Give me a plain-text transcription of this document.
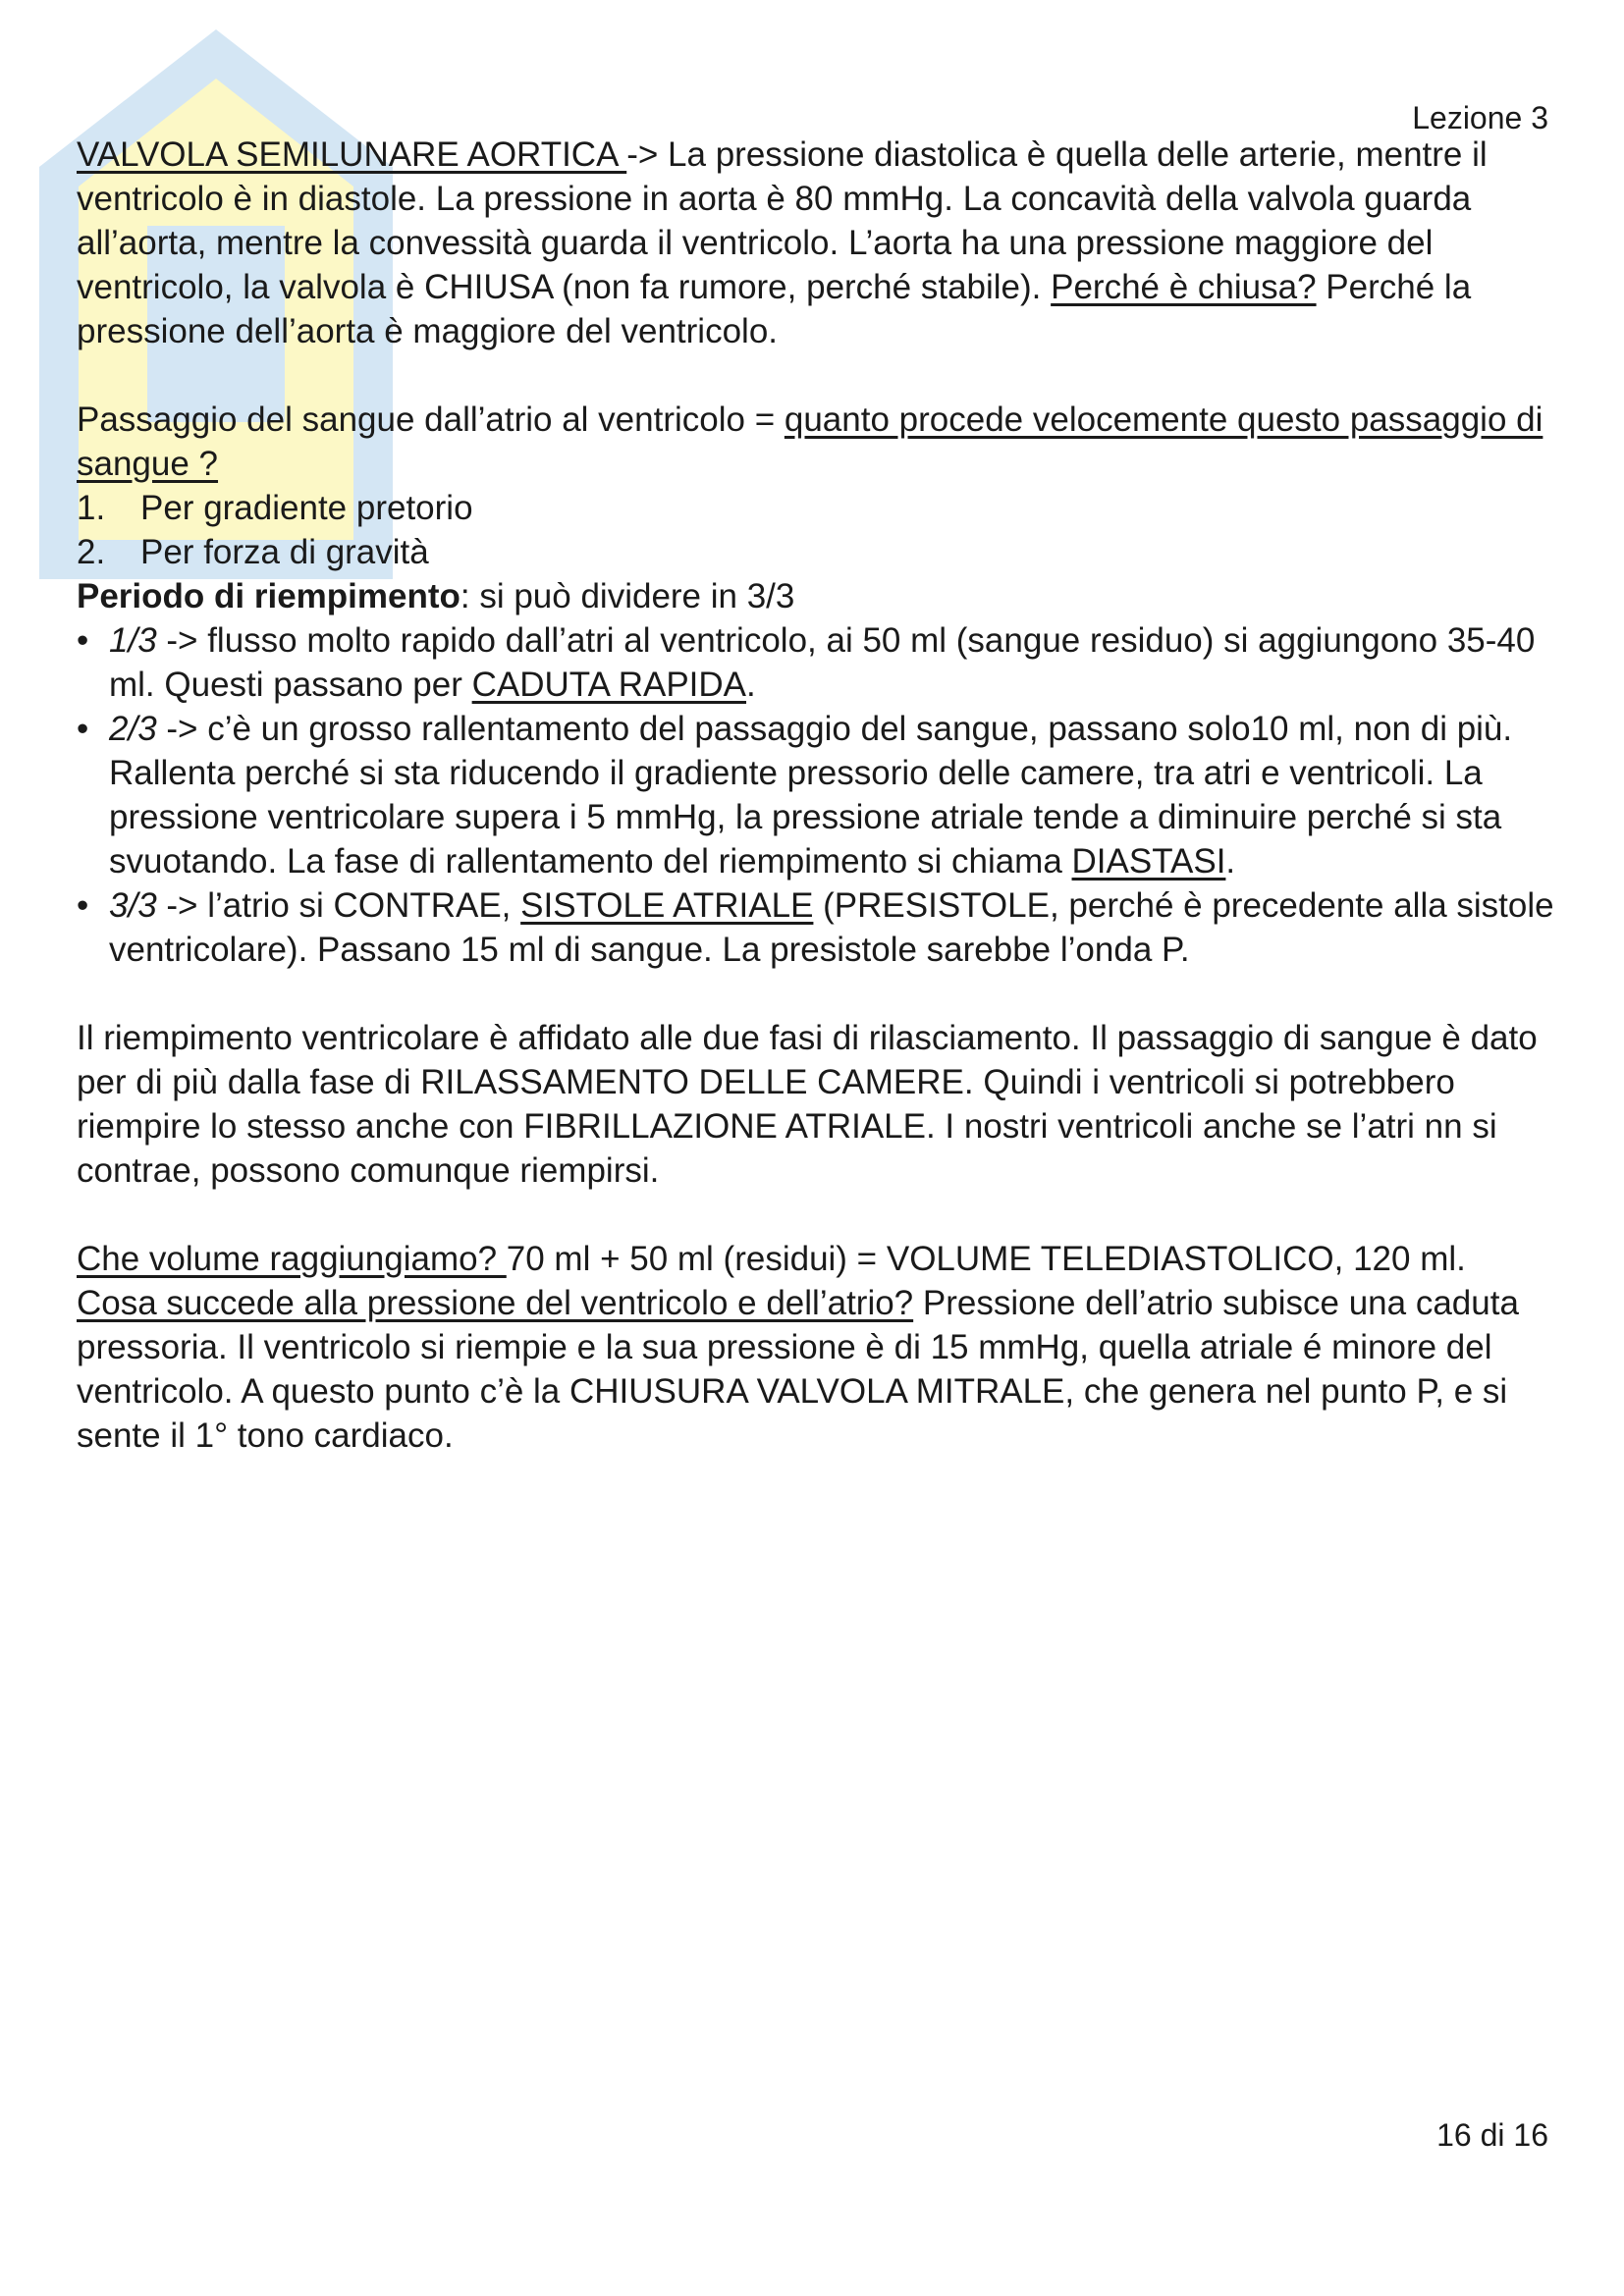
Lezione 3

VALVOLA SEMILUNARE AORTICA -> La pressione diastolica è quella delle arterie, mentre il ventricolo è in diastole. La pressione in aorta è 80 mmHg. La concavità della valvola guarda all’aorta, mentre la convessità guarda il ventricolo. L’aorta ha una pressione maggiore del ventricolo, la valvola è CHIUSA (non fa rumore, perché stabile). Perché è chiusa? Perché la pressione dell’aorta è maggiore del ventricolo.

Passaggio del sangue dall’atrio al ventricolo = quanto procede velocemente questo passaggio di sangue ?

1. Per gradiente pretorio
2. Per forza di gravità

Periodo di riempimento: si può dividere in 3/3

• 1/3 -> flusso molto rapido dall’atri al ventricolo, ai 50 ml (sangue residuo) si aggiungono 35-40 ml. Questi passano per CADUTA RAPIDA.
• 2/3 -> c’è un grosso rallentamento del passaggio del sangue, passano solo10 ml, non di più. Rallenta perché si sta riducendo il gradiente pressorio delle camere, tra atri e ventricoli. La pressione ventricolare supera i 5 mmHg, la pressione atriale tende a diminuire perché si sta svuotando. La fase di rallentamento del riempimento si chiama DIASTASI.
• 3/3 -> l’atrio si CONTRAE, SISTOLE ATRIALE (PRESISTOLE, perché è precedente alla sistole ventricolare). Passano 15 ml di sangue. La presistole sarebbe l’onda P.

Il riempimento ventricolare è affidato alle due fasi di rilasciamento. Il passaggio di sangue è dato per di più dalla fase di RILASSAMENTO DELLE CAMERE. Quindi i ventricoli si potrebbero riempire lo stesso anche con FIBRILLAZIONE ATRIALE. I nostri ventricoli anche se l’atri nn si contrae, possono comunque riempirsi.

Che volume raggiungiamo? 70 ml + 50 ml (residui) = VOLUME TELEDIASTOLICO, 120 ml.

Cosa succede alla pressione del ventricolo e dell’atrio? Pressione dell’atrio subisce una caduta pressoria. Il ventricolo si riempie e la sua pressione è di 15 mmHg, quella atriale é minore del ventricolo. A questo punto c’è la CHIUSURA VALVOLA MITRALE, che genera nel punto P, e si sente il 1° tono cardiaco.

16 di 16
